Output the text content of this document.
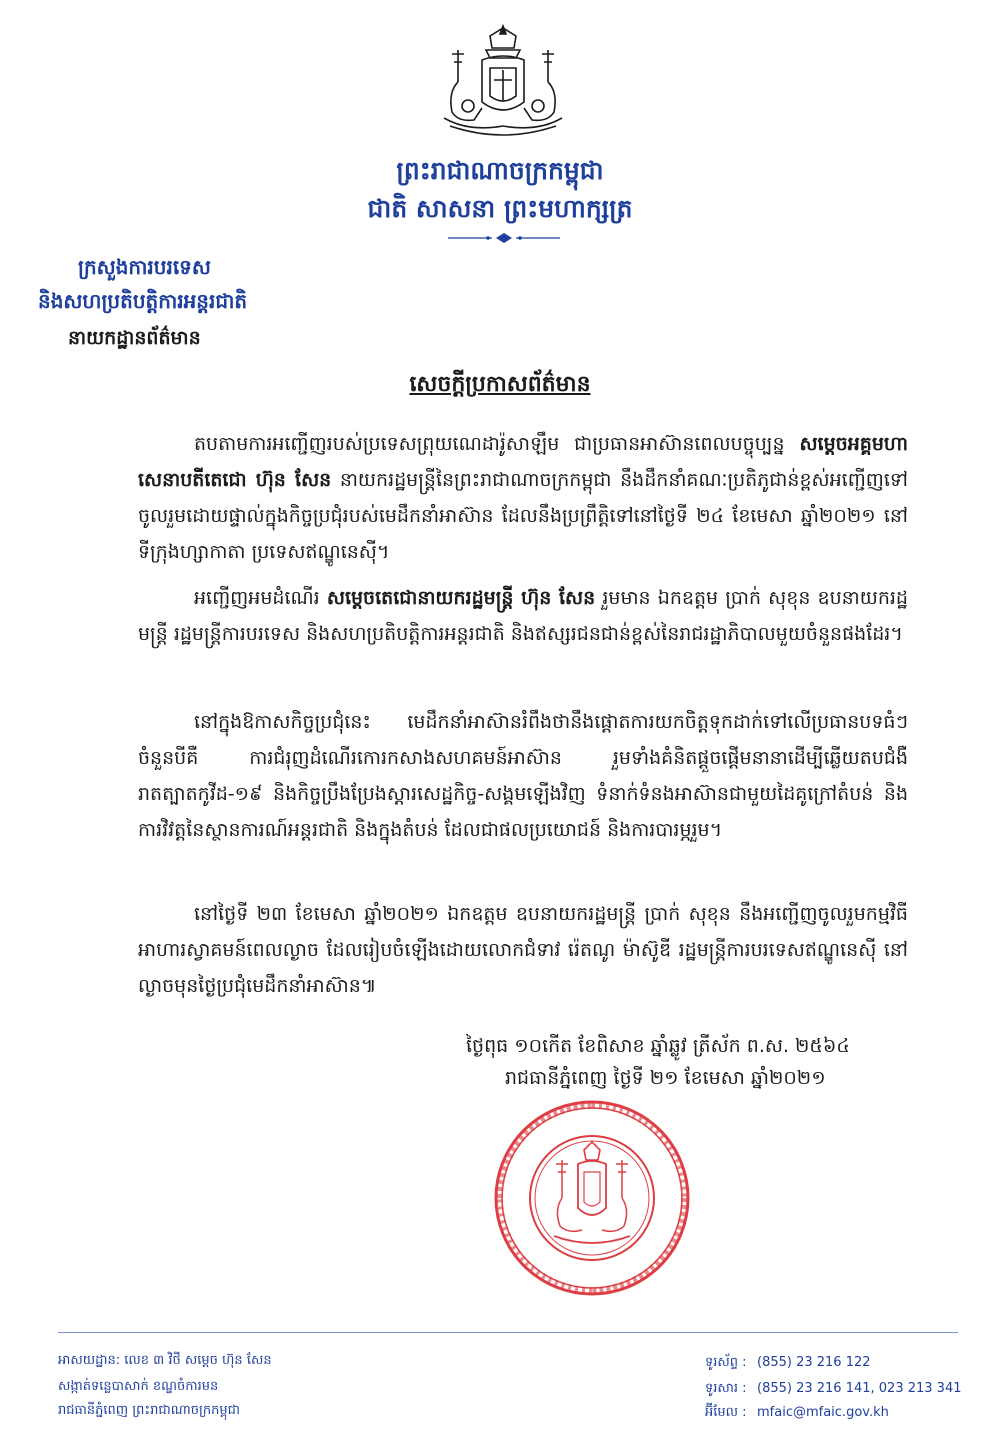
ព្រះរាជាណាចក្រកម្ពុជា
ជាតិ សាសនា ព្រះមហាក្សត្រ
ក្រសួងការបរទេស
និងសហប្រតិបត្តិការអន្តរជាតិ
នាយកដ្ឋានព័ត៌មាន
សេចក្តីប្រកាសព័ត៌មាន
តបតាមការអញ្ជើញរបស់ប្រទេសព្រុយណេដារ៉ូសាឡឹម ជាប្រធានអាស៊ានពេលបច្ចុប្បន្ន សម្តេចអគ្គមហាសេនាបតីតេជោ ហ៊ុន សែន នាយករដ្ឋមន្ត្រីនៃព្រះរាជាណាចក្រកម្ពុជា នឹងដឹកនាំគណៈប្រតិភូជាន់ខ្ពស់អញ្ជើញទៅចូលរួមដោយផ្ទាល់ក្នុងកិច្ចប្រជុំរបស់មេដឹកនាំអាស៊ាន ដែលនឹងប្រព្រឹត្តិទៅនៅថ្ងៃទី ២៤ ខែមេសា ឆ្នាំ២០២១ នៅទីក្រុងហ្សាកាតា ប្រទេសឥណ្ឌូនេស៊ី។
អញ្ជើញអមដំណើរ សម្តេចតេជោនាយករដ្ឋមន្ត្រី ហ៊ុន សែន រួមមាន ឯកឧត្តម ប្រាក់ សុខុន ឧបនាយករដ្ឋមន្ត្រី រដ្ឋមន្ត្រីការបរទេស និងសហប្រតិបត្តិការអន្តរជាតិ និងឥស្សរជនជាន់ខ្ពស់នៃរាជរដ្ឋាភិបាលមួយចំនួនផងដែរ។
នៅក្នុងឱកាសកិច្ចប្រជុំនេះ មេដឹកនាំអាស៊ានរំពឹងថានឹងផ្តោតការយកចិត្តទុកដាក់ទៅលើប្រធានបទធំៗចំនួនបីគឺ ការជំរុញដំណើរកោរកសាងសហគមន៍អាស៊ាន រួមទាំងគំនិតផ្តួចផ្តើមនានាដើម្បីឆ្លើយតបជំងឺរាតត្បាតកូវីដ-១៩ និងកិច្ចប្រឹងប្រែងស្តារសេដ្ឋកិច្ច-សង្គមឡើងវិញ ទំនាក់ទំនងអាស៊ានជាមួយដៃគូក្រៅតំបន់ និងការវិវត្តនៃស្ថានការណ៍អន្តរជាតិ និងក្នុងតំបន់ ដែលជាផលប្រយោជន៍ និងការបារម្ភរួម។
នៅថ្ងៃទី ២៣ ខែមេសា ឆ្នាំ២០២១ ឯកឧត្តម ឧបនាយករដ្ឋមន្ត្រី ប្រាក់ សុខុន នឹងអញ្ជើញចូលរួមកម្មវិធីអាហារស្វាគមន៍ពេលល្ងាច ដែលរៀបចំឡើងដោយលោកជំទាវ រ៉េតណូ ម៉ាស៊ូឌី រដ្ឋមន្ត្រីការបរទេសឥណ្ឌូនេស៊ី នៅល្ងាចមុនថ្ងៃប្រជុំមេដឹកនាំអាស៊ាន៕
ថ្ងៃពុធ ១០កើត ខែពិសាខ ឆ្នាំឆ្លូវ ត្រីស័ក ព.ស. ២៥៦៤
រាជធានីភ្នំពេញ ថ្ងៃទី ២១ ខែមេសា ឆ្នាំ២០២១
អាសយដ្ឋាន: លេខ ៣ វិថី សម្តេច ហ៊ុន សែន
សង្កាត់ទន្លេបាសាក់ ខណ្ឌចំការមន
រាជធានីភ្នំពេញ ព្រះរាជាណាចក្រកម្ពុជា
ទូរស័ព្ទ : (855) 23 216 122
ទូរសារ : (855) 23 216 141, 023 213 341
អ៊ីមែល : mfaic@mfaic.gov.kh
